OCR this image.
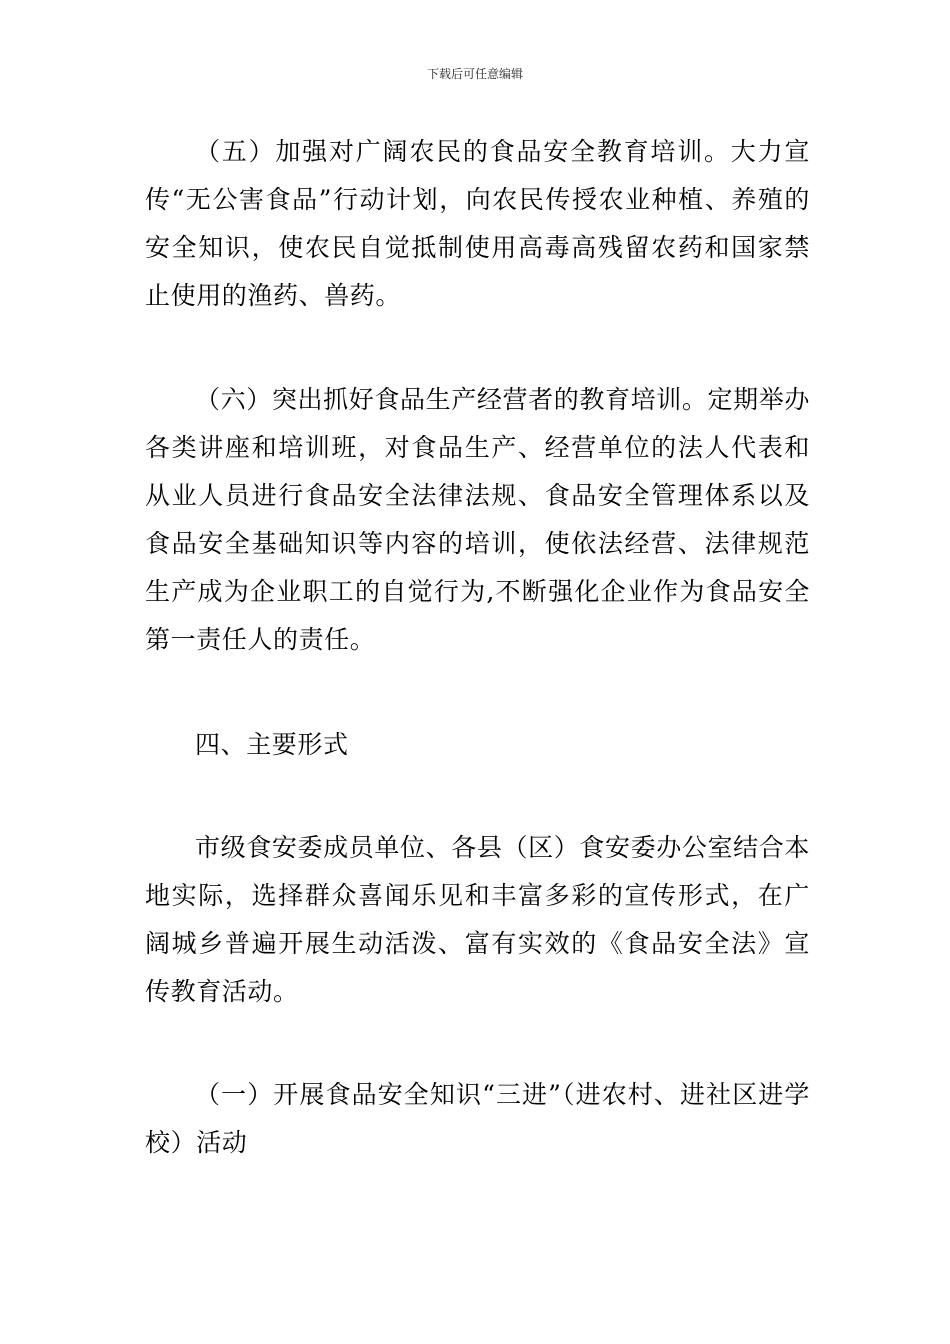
下载后可任意编辑

（五）加强对广阔农民的食品安全教育培训。大力宣传“无公害食品”行动计划，向农民传授农业种植、养殖的安全知识，使农民自觉抵制使用高毒高残留农药和国家禁止使用的渔药、兽药。

（六）突出抓好食品生产经营者的教育培训。定期举办各类讲座和培训班，对食品生产、经营单位的法人代表和从业人员进行食品安全法律法规、食品安全管理体系以及食品安全基础知识等内容的培训，使依法经营、法律规范生产成为企业职工的自觉行为,不断强化企业作为食品安全第一责任人的责任。

四、主要形式

市级食安委成员单位、各县（区）食安委办公室结合本地实际，选择群众喜闻乐见和丰富多彩的宣传形式，在广阔城乡普遍开展生动活泼、富有实效的《食品安全法》宣传教育活动。

（一）开展食品安全知识“三进”（进农村、进社区进学校）活动
